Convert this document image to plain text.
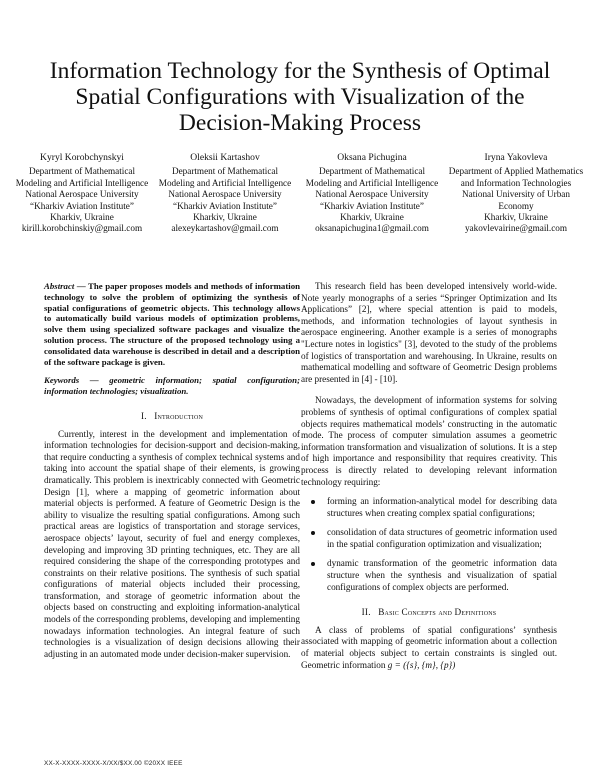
Information Technology for the Synthesis of Optimal Spatial Configurations with Visualization of the Decision-Making Process
Kyryl Korobchynskyi
Department of Mathematical Modeling and Artificial Intelligence
National Aerospace University
“Kharkiv Aviation Institute”
Kharkiv, Ukraine
kirill.korobchinskiy@gmail.com
Oleksii Kartashov
Department of Mathematical Modeling and Artificial Intelligence
National Aerospace University
“Kharkiv Aviation Institute”
Kharkiv, Ukraine
alexeykartashov@gmail.com
Oksana Pichugina
Department of Mathematical Modeling and Artificial Intelligence
National Aerospace University
“Kharkiv Aviation Institute”
Kharkiv, Ukraine
oksanapichugina1@gmail.com
Iryna Yakovleva
Department of Applied Mathematics and Information Technologies
National University of Urban Economy
Kharkiv, Ukraine
yakovlevairine@gmail.com

Abstract — The paper proposes models and methods of information technology to solve the problem of optimizing the synthesis of spatial configurations of geometric objects. This technology allows to automatically build various models of optimization problems, solve them using specialized software packages and visualize the solution process. The structure of the proposed technology using a consolidated data warehouse is described in detail and a description of the software package is given.

Keywords — geometric information; spatial configuration; information technologies; visualization.

I. Introduction

Currently, interest in the development and implementation of information technologies for decision-support and decision-making, that require conducting a synthesis of complex technical systems and taking into account the spatial shape of their elements, is growing dramatically. This problem is inextricably connected with Geometric Design [1], where a mapping of geometric information about material objects is performed. A feature of Geometric Design is the ability to visualize the resulting spatial configurations. Among such practical areas are logistics of transportation and storage services, aerospace objects’ layout, security of fuel and energy complexes, developing and improving 3D printing techniques, etc. They are all required considering the shape of the corresponding prototypes and constraints on their relative positions. The synthesis of such spatial configurations of material objects included their processing, transformation, and storage of geometric information about the objects based on constructing and exploiting information-analytical models of the corresponding problems, developing and implementing nowadays information technologies. An integral feature of such technologies is a visualization of design decisions allowing their adjusting in an automated mode under decision-maker supervision.

This research field has been developed intensively world-wide. Note yearly monographs of a series “Springer Optimization and Its Applications” [2], where special attention is paid to models, methods, and information technologies of layout synthesis in aerospace engineering. Another example is a series of monographs "Lecture notes in logistics" [3], devoted to the study of the problems of logistics of transportation and warehousing. In Ukraine, results on mathematical modelling and software of Geometric Design problems are presented in [4] - [10].

Nowadays, the development of information systems for solving problems of synthesis of optimal configurations of complex spatial objects requires mathematical models’ constructing in the automatic mode. The process of computer simulation assumes a geometric information transformation and visualization of solutions. It is a step of high importance and responsibility that requires creativity. This process is directly related to developing relevant information technology requiring:

forming an information-analytical model for describing data structures when creating complex spatial configurations;
consolidation of data structures of geometric information used in the spatial configuration optimization and visualization;
dynamic transformation of the geometric information data structure when the synthesis and visualization of spatial configurations of complex objects are performed.
II. Basic Concepts and Definitions

A class of problems of spatial configurations’ synthesis associated with mapping of geometric information about a collection of material objects subject to certain constraints is singled out. Geometric information g = ({s}, {m}, {p})

XX-X-XXXX-XXXX-X/XX/$XX.00 ©20XX IEEE
